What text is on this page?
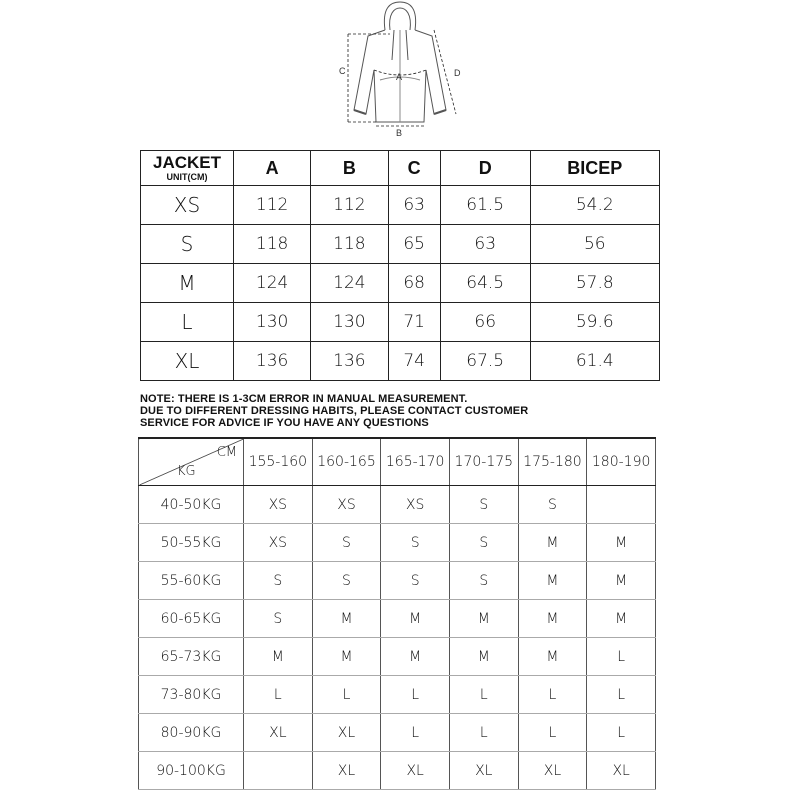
A
B
C	D
JACKET
UNIT(CM)	A	B	C	D	BICEP
XS	112	112	63	61.5	54.2
S	118	118	65	63	56
M	124	124	68	64.5	57.8
L	130	130	71	66	59.6
XL	136	136	74	67.5	61.4
NOTE: THERE IS 1-3CM ERROR IN MANUAL MEASUREMENT.
DUE TO DIFFERENT DRESSING HABITS, PLEASE CONTACT CUSTOMER
SERVICE FOR ADVICE IF YOU HAVE ANY QUESTIONS
CM
KG	155-160	160-165	165-170	170-175	175-180	180-190
40-50KG	XS	XS	XS	S	S	
50-55KG	XS	S	S	S	M	M
55-60KG	S	S	S	S	M	M
60-65KG	S	M	M	M	M	M
65-73KG	M	M	M	M	M	L
73-80KG	L	L	L	L	L	L
80-90KG	XL	XL	L	L	L	L
90-100KG		XL	XL	XL	XL	XL
